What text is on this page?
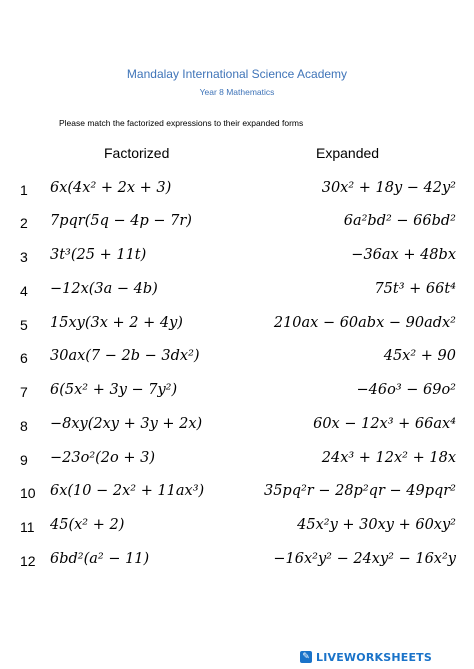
Mandalay International Science Academy
Year 8 Mathematics
Please match the factorized expressions to their expanded forms
Factorized	Expanded
1	6x(4x² + 2x + 3)	30x² + 18y − 42y²
2	7pqr(5q − 4p − 7r)	6a²bd² − 66bd²
3	3t³(25 + 11t)	−36ax + 48bx
4	−12x(3a − 4b)	75t³ + 66t⁴
5	15xy(3x + 2 + 4y)	210ax − 60abx − 90adx²
6	30ax(7 − 2b − 3dx²)	45x² + 90
7	6(5x² + 3y − 7y²)	−46o³ − 69o²
8	−8xy(2xy + 3y + 2x)	60x − 12x³ + 66ax⁴
9	−23o²(2o + 3)	24x³ + 12x² + 18x
10 6x(10 − 2x² + 11ax³)	35pq²r − 28p²qr − 49pqr²
11 45(x² + 2)	45x²y + 30xy + 60xy²
12 6bd²(a² − 11)	−16x²y² − 24xy² − 16x²y
✎ LIVEWORKSHEETS
